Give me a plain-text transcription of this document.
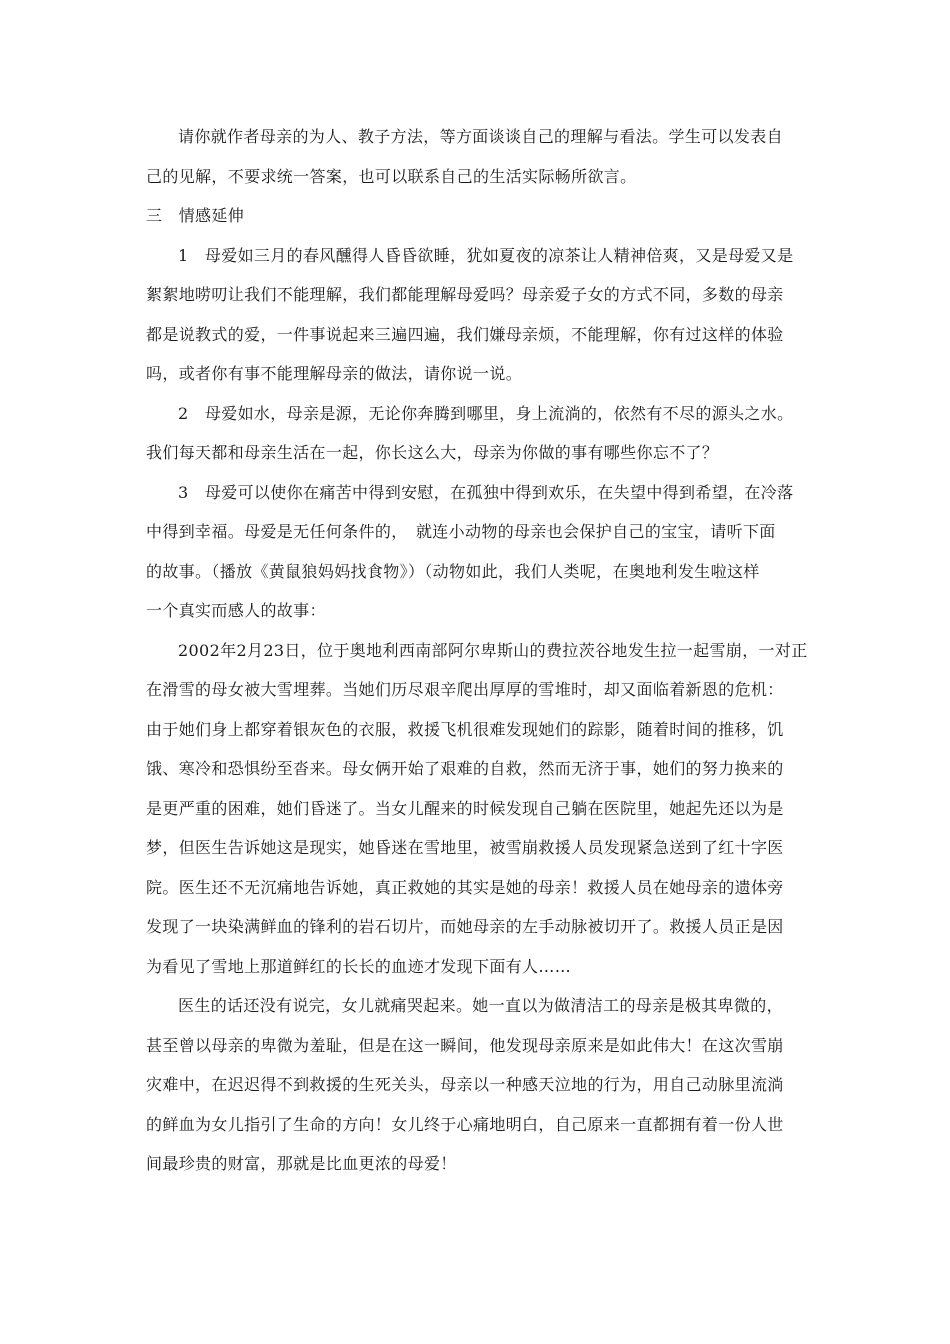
请你就作者母亲的为人、教子方法，等方面谈谈自己的理解与看法。学生可以发表自
己的见解，不要求统一答案，也可以联系自己的生活实际畅所欲言。
三　情感延伸
1　母爱如三月的春风醺得人昏昏欲睡，犹如夏夜的凉茶让人精神倍爽，又是母爱又是
絮絮地唠叨让我们不能理解，我们都能理解母爱吗？母亲爱子女的方式不同，多数的母亲
都是说教式的爱，一件事说起来三遍四遍，我们嫌母亲烦，不能理解，你有过这样的体验
吗，或者你有事不能理解母亲的做法，请你说一说。
2　母爱如水，母亲是源，无论你奔腾到哪里，身上流淌的，依然有不尽的源头之水。
我们每天都和母亲生活在一起，你长这么大，母亲为你做的事有哪些你忘不了？
3　母爱可以使你在痛苦中得到安慰，在孤独中得到欢乐，在失望中得到希望，在冷落
中得到幸福。母爱是无任何条件的，　就连小动物的母亲也会保护自己的宝宝，请听下面
的故事。（播放《黄鼠狼妈妈找食物》）（动物如此，我们人类呢，在奥地利发生啦这样
一个真实而感人的故事：
2002年2月23日，位于奥地利西南部阿尔卑斯山的费拉茨谷地发生拉一起雪崩，一对正
在滑雪的母女被大雪埋葬。当她们历尽艰辛爬出厚厚的雪堆时，却又面临着新恩的危机：
由于她们身上都穿着银灰色的衣服，救援飞机很难发现她们的踪影，随着时间的推移，饥
饿、寒冷和恐惧纷至沓来。母女俩开始了艰难的自救，然而无济于事，她们的努力换来的
是更严重的困难，她们昏迷了。当女儿醒来的时候发现自己躺在医院里，她起先还以为是
梦，但医生告诉她这是现实，她昏迷在雪地里，被雪崩救援人员发现紧急送到了红十字医
院。医生还不无沉痛地告诉她，真正救她的其实是她的母亲！救援人员在她母亲的遗体旁
发现了一块染满鲜血的锋利的岩石切片，而她母亲的左手动脉被切开了。救援人员正是因
为看见了雪地上那道鲜红的长长的血迹才发现下面有人……
医生的话还没有说完，女儿就痛哭起来。她一直以为做清洁工的母亲是极其卑微的，
甚至曾以母亲的卑微为羞耻，但是在这一瞬间，他发现母亲原来是如此伟大！在这次雪崩
灾难中，在迟迟得不到救援的生死关头，母亲以一种感天泣地的行为，用自己动脉里流淌
的鲜血为女儿指引了生命的方向！女儿终于心痛地明白，自己原来一直都拥有着一份人世
间最珍贵的财富，那就是比血更浓的母爱！
